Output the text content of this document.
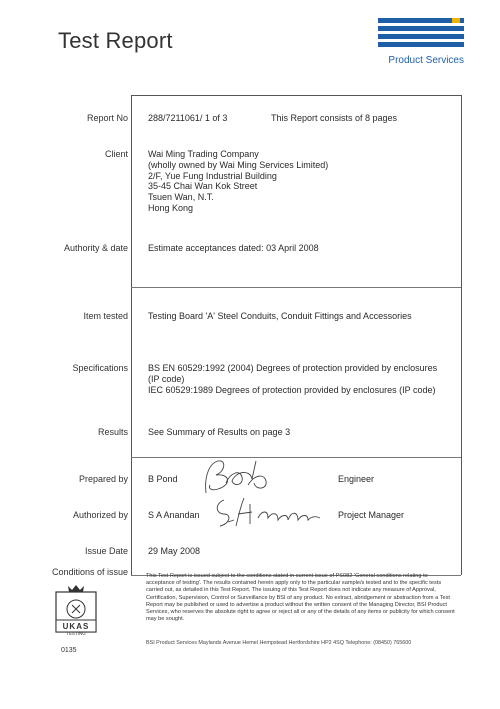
Test Report
Product Services
Report No 288/7211061/ 1 of 3	This Report consists of 8 pages
Client Wai Ming Trading Company
(wholly owned by Wai Ming Services Limited)
2/F, Yue Fung Industrial Building
35-45 Chai Wan Kok Street
Tsuen Wan, N.T.
Hong Kong
Authority & date Estimate acceptances dated: 03 April 2008
Item tested Testing Board 'A' Steel Conduits, Conduit Fittings and Accessories
Specifications BS EN 60529:1992 (2004) Degrees of protection provided by enclosures
(IP code)
IEC 60529:1989 Degrees of protection provided by enclosures (IP code)
Results See Summary of Results on page 3
Prepared by B Pond	Engineer
Authorized by S A Anandan	Project Manager
Issue Date 29 May 2008
Conditions of issue	This Test Report is issued subject to the conditions stated in current issue of PS082 'General conditions relating to acceptance of testing'. The results contained herein apply only to the particular sample/s tested and to the specific tests carried out, as detailed in this Test Report. The issuing of this Test Report does not indicate any measure of Approval, Certification, Supervision, Control or Surveillance by BSI of any product. No extract, abridgement or abstraction from a Test Report may be published or used to advertise a product without the written consent of the Managing Director, BSI Product Services, who reserves the absolute right to agree or reject all or any of the details of any items or publicity for which consent may be sought.
UKAS
TESTING
0135
BSI Product Services Maylands Avenue Hemel Hempstead Hertfordshire HP2 4SQ Telephone: (08450) 765600
